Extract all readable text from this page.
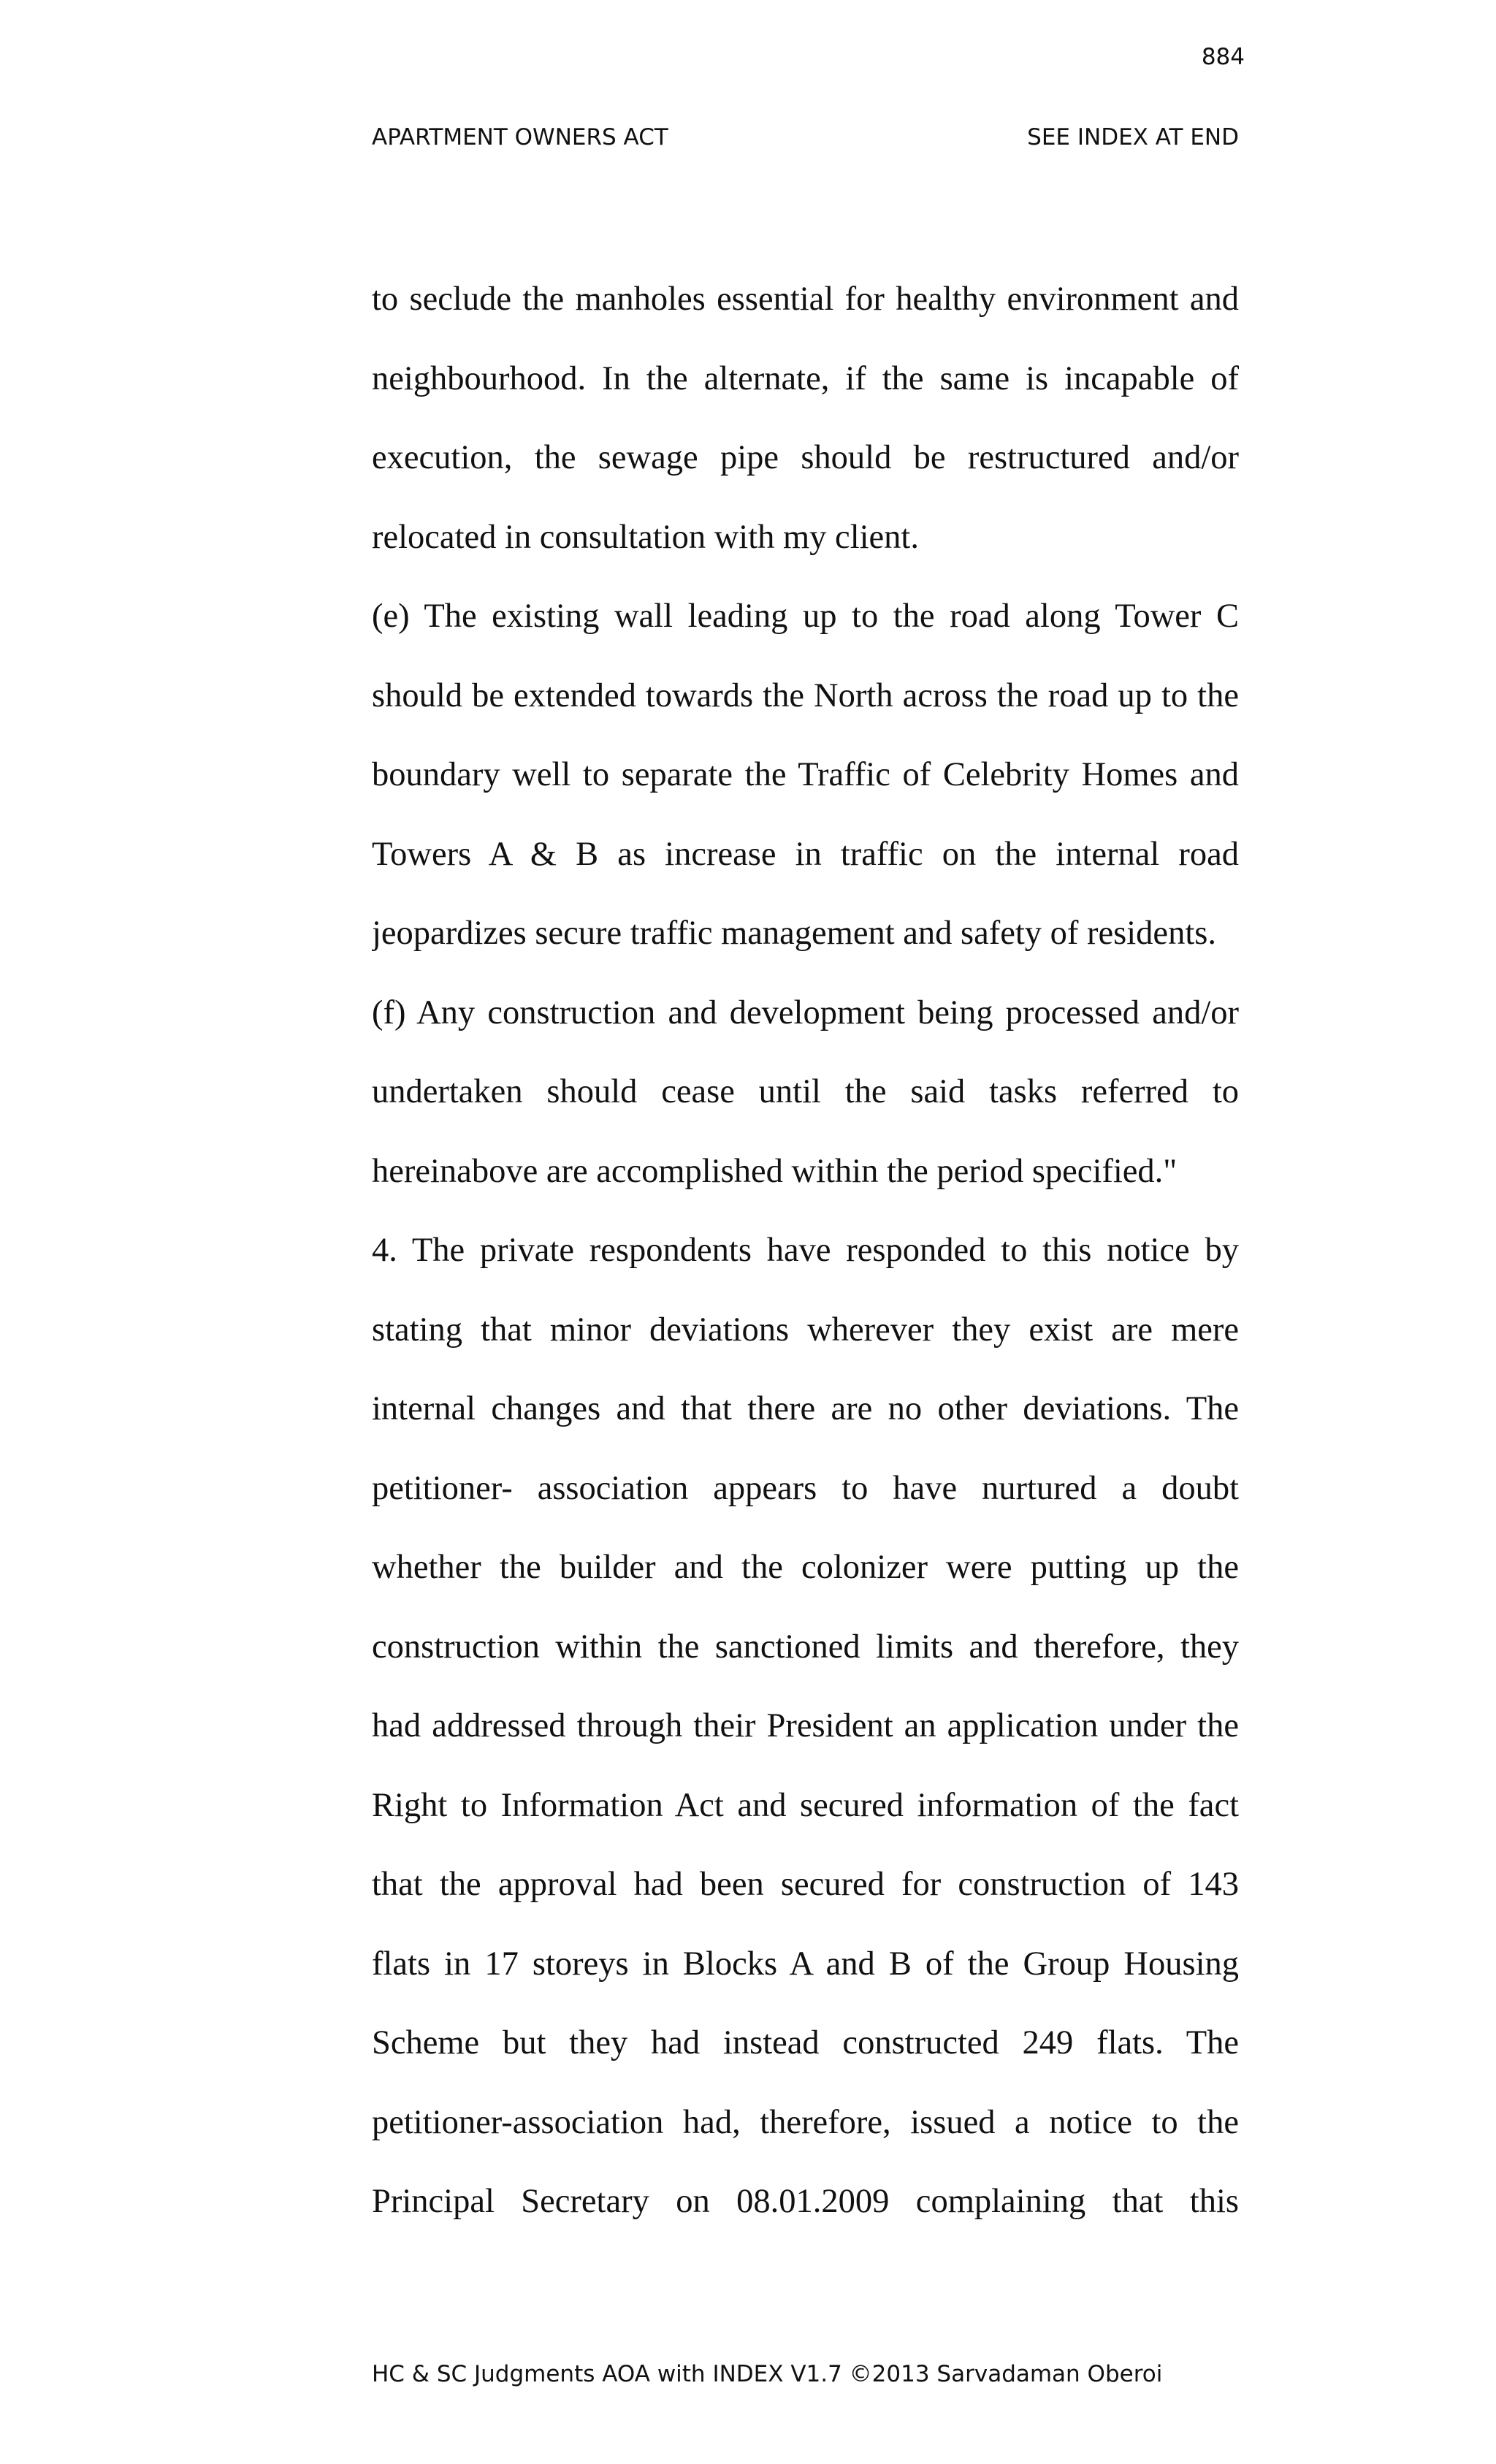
884
APARTMENT OWNERS ACT	SEE INDEX AT END
to seclude the manholes essential for healthy environment and
neighbourhood. In the alternate, if the same is incapable of
execution, the sewage pipe should be restructured and/or
relocated in consultation with my client.
(e) The existing wall leading up to the road along Tower C
should be extended towards the North across the road up to the
boundary well to separate the Traffic of Celebrity Homes and
Towers A & B as increase in traffic on the internal road
jeopardizes secure traffic management and safety of residents.
(f) Any construction and development being processed and/or
undertaken should cease until the said tasks referred to
hereinabove are accomplished within the period specified."
4. The private respondents have responded to this notice by
stating that minor deviations wherever they exist are mere
internal changes and that there are no other deviations. The
petitioner- association appears to have nurtured a doubt
whether the builder and the colonizer were putting up the
construction within the sanctioned limits and therefore, they
had addressed through their President an application under the
Right to Information Act and secured information of the fact
that the approval had been secured for construction of 143
flats in 17 storeys in Blocks A and B of the Group Housing
Scheme but they had instead constructed 249 flats. The
petitioner-association had, therefore, issued a notice to the
Principal Secretary on 08.01.2009 complaining that this
HC & SC Judgments AOA with INDEX V1.7 ©2013 Sarvadaman Oberoi
